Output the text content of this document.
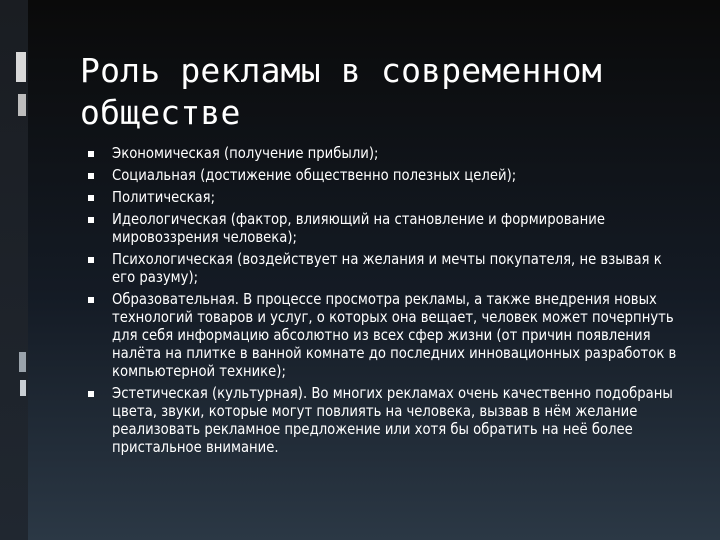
Роль рекламы в современном обществе
Экономическая (получение прибыли);
Социальная (достижение общественно полезных целей);
Политическая;
Идеологическая (фактор, влияющий на становление и формирование мировоззрения человека);
Психологическая (воздействует на желания и мечты покупателя, не взывая к его разуму);
Образовательная. В процессе просмотра рекламы, а также внедрения новых технологий товаров и услуг, о которых она вещает, человек может почерпнуть для себя информацию абсолютно из всех сфер жизни (от причин появления налёта на плитке в ванной комнате до последних инновационных разработок в компьютерной технике);
Эстетическая (культурная). Во многих рекламах очень качественно подобраны цвета, звуки, которые могут повлиять на человека, вызвав в нём желание реализовать рекламное предложение или хотя бы обратить на неё более пристальное внимание.
